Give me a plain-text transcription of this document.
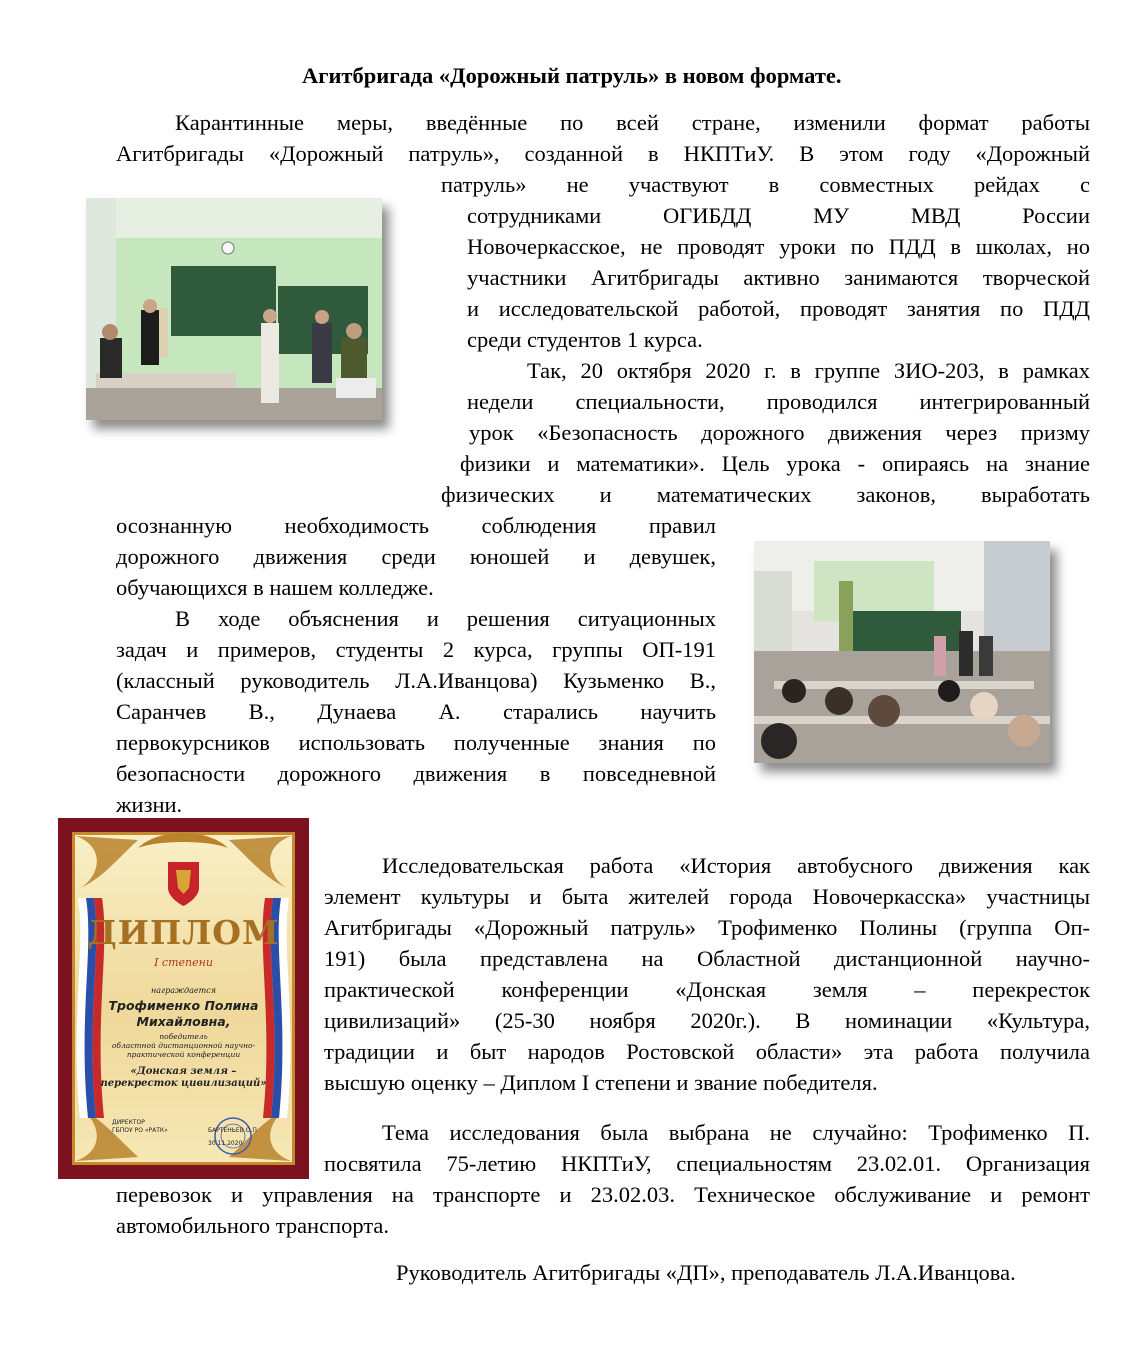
Агитбригада «Дорожный патруль» в новом формате.
Карантинные меры, введённые по всей стране, изменили формат работы
Агитбригады «Дорожный патруль», созданной в НКПТиУ. В этом году «Дорожный
патруль» не участвуют в совместных рейдах с
сотрудниками ОГИБДД МУ МВД России
Новочеркасское, не проводят уроки по ПДД в школах, но
участники Агитбригады активно занимаются творческой
и исследовательской работой, проводят занятия по ПДД
среди студентов 1 курса.
Так, 20 октября 2020 г. в группе ЗИО-203, в рамках
недели специальности, проводился интегрированный
урок «Безопасность дорожного движения через призму
физики и математики». Цель урока - опираясь на знание
физических и математических законов, выработать
осознанную необходимость соблюдения правил
дорожного движения среди юношей и девушек,
обучающихся в нашем колледже.
В ходе объяснения и решения ситуационных
задач и примеров, студенты 2 курса, группы ОП-191
(классный руководитель Л.А.Иванцова) Кузьменко В.,
Саранчев В., Дунаева А. старались научить
первокурсников использовать полученные знания по
безопасности дорожного движения в повседневной
жизни.
Исследовательская работа «История автобусного движения как
элемент культуры и быта жителей города Новочеркасска» участницы
Агитбригады «Дорожный патруль» Трофименко Полины (группа Оп-
191) была представлена на Областной дистанционной научно-
практической конференции «Донская земля – перекресток
цивилизаций» (25-30 ноября 2020г.). В номинации «Культура,
традиции и быт народов Ростовской области» эта работа получила
высшую оценку – Диплом I степени и звание победителя.
Тема исследования была выбрана не случайно: Трофименко П.
посвятила 75-летию НКПТиУ, специальностям 23.02.01. Организация
перевозок и управления на транспорте и 23.02.03. Техническое обслуживание и ремонт
автомобильного транспорта.
Руководитель Агитбригады «ДП», преподаватель Л.А.Иванцова.
ДИПЛОМ
I степени
награждается
Трофименко Полина
Михайловна,
победитель
областной дистанционной научно-
практической конференции
«Донская земля –
перекресток цивилизаций»
ДИРЕКТОР
ГБПОУ РО «РАТК»	БАРТЕНЬЕВ О.П
30.11.2020
